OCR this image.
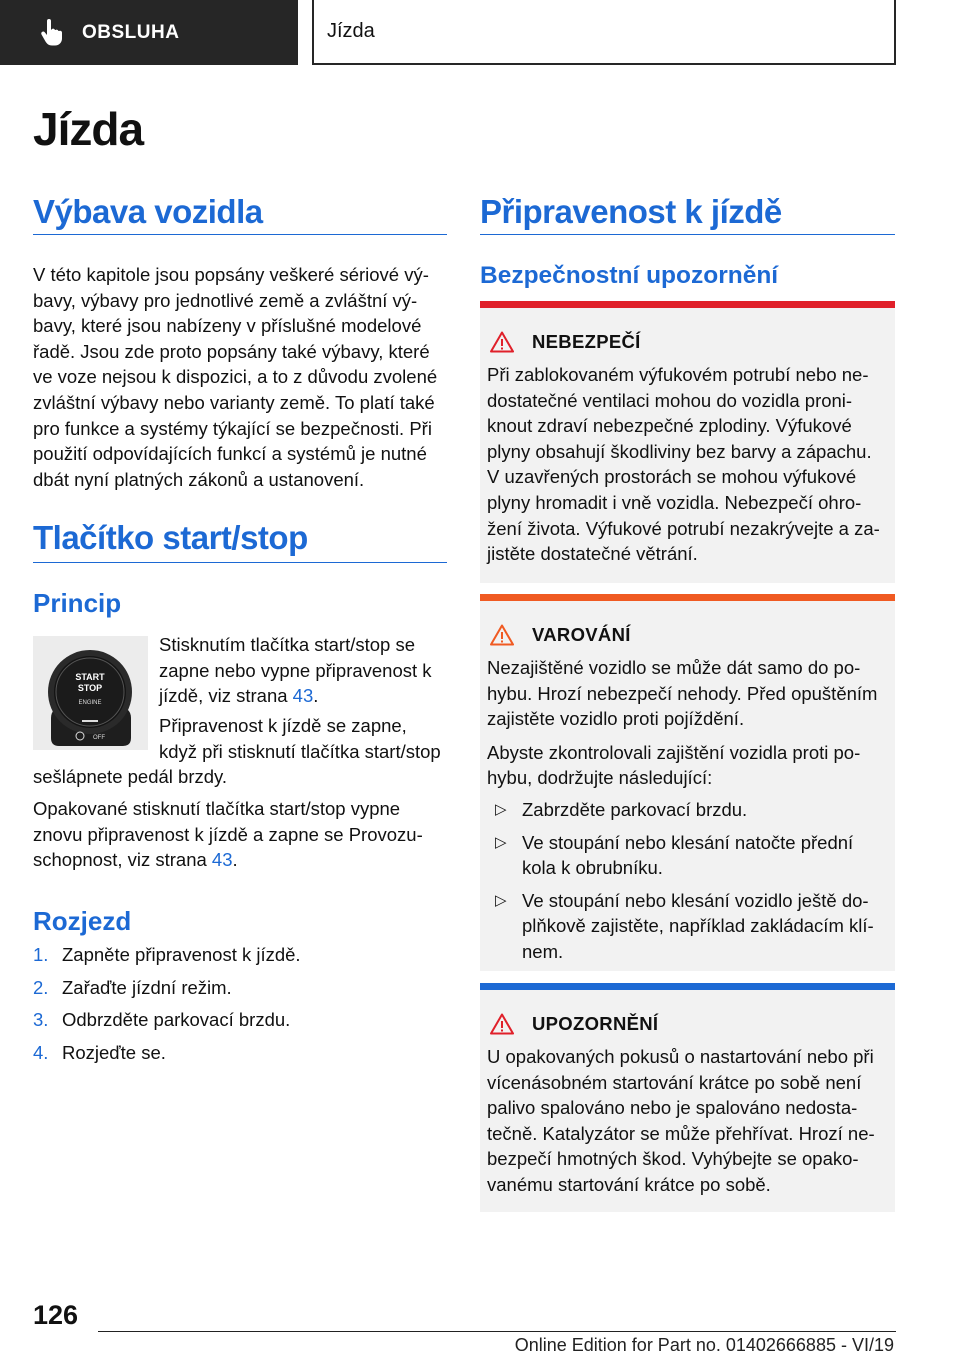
OBSLUHA	Jízda
Jízda
Výbava vozidla

V této kapitole jsou popsány veškeré sériové vý-
bavy, výbavy pro jednotlivé země a zvláštní vý-
bavy, které jsou nabízeny v příslušné modelové
řadě. Jsou zde proto popsány také výbavy, které
ve voze nejsou k dispozici, a to z důvodu zvolené
zvláštní výbavy nebo varianty země. To platí také
pro funkce a systémy týkající se bezpečnosti. Při
použití odpovídajících funkcí a systémů je nutné
dbát nyní platných zákonů a ustanovení.

Tlačítko start/stop
Princip
START
STOP
ENGINE
OFF

Stisknutím tlačítka start/stop se
zapne nebo vypne připravenost k
jízdě, viz strana 43.

Připravenost k jízdě se zapne,
když při stisknutí tlačítka start/stop

sešlápnete pedál brzdy.

Opakované stisknutí tlačítka start/stop vypne
znovu připravenost k jízdě a zapne se Provozu-
schopnost, viz strana 43.

Rozjezd
1. Zapněte připravenost k jízdě.
2. Zařaďte jízdní režim.
3. Odbrzděte parkovací brzdu.
4. Rozjeďte se.
Připravenost k jízdě
Bezpečnostní upozornění
NEBEZPEČÍ

Při zablokovaném výfukovém potrubí nebo ne-
dostatečné ventilaci mohou do vozidla proni-
knout zdraví nebezpečné zplodiny. Výfukové
plyny obsahují škodliviny bez barvy a zápachu.
V uzavřených prostorách se mohou výfukové
plyny hromadit i vně vozidla. Nebezpečí ohro-
žení života. Výfukové potrubí nezakrývejte a za-
jistěte dostatečné větrání.

VAROVÁNÍ

Nezajištěné vozidlo se může dát samo do po-
hybu. Hrozí nebezpečí nehody. Před opuštěním
zajistěte vozidlo proti pojíždění.

Abyste zkontrolovali zajištění vozidla proti po-
hybu, dodržujte následující:

▷ Zabrzděte parkovací brzdu.
▷ Ve stoupání nebo klesání natočte přední
kola k obrubníku.
▷ Ve stoupání nebo klesání vozidlo ještě do-
plňkově zajistěte, například zakládacím klí-
nem.
UPOZORNĚNÍ

U opakovaných pokusů o nastartování nebo při
vícenásobném startování krátce po sobě není
palivo spalováno nebo je spalováno nedosta-
tečně. Katalyzátor se může přehřívat. Hrozí ne-
bezpečí hmotných škod. Vyhýbejte se opako-
vanému startování krátce po sobě.

126
Online Edition for Part no. 01402666885 - VI/19
